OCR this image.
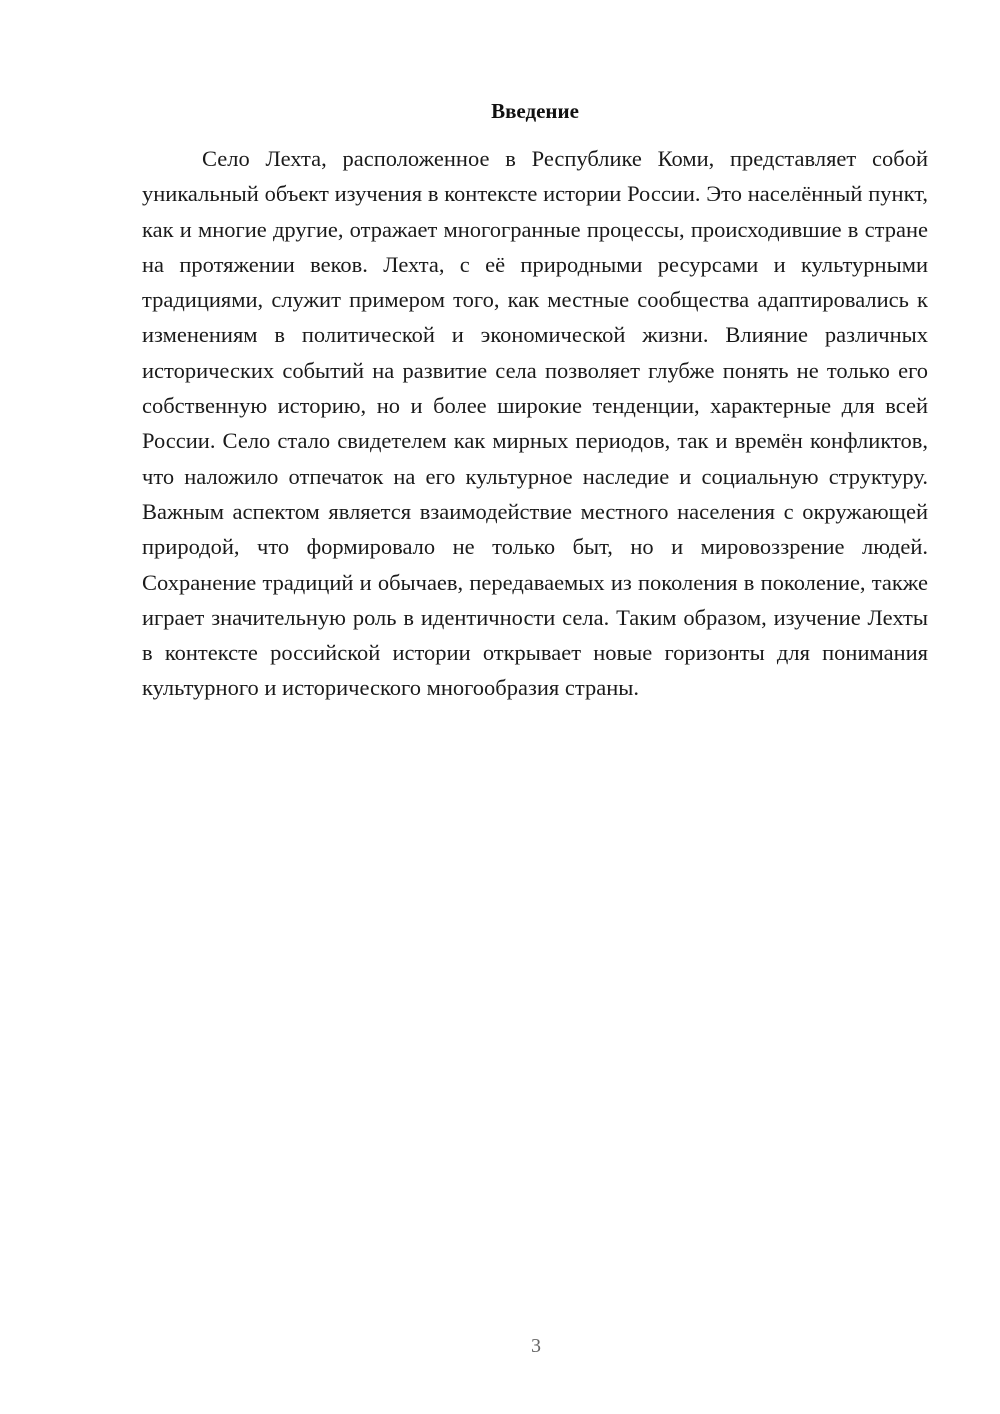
Введение

Село Лехта, расположенное в Республике Коми, представляет собой уникальный объект изучения в контексте истории России. Это населённый пункт, как и многие другие, отражает многогранные процессы, происходившие в стране на протяжении веков. Лехта, с её природными ресурсами и культурными традициями, служит примером того, как местные сообщества адаптировались к изменениям в политической и экономической жизни. Влияние различных исторических событий на развитие села позволяет глубже понять не только его собственную историю, но и более широкие тенденции, характерные для всей России. Село стало свидетелем как мирных периодов, так и времён конфликтов, что наложило отпечаток на его культурное наследие и социальную структуру. Важным аспектом является взаимодействие местного населения с окружающей природой, что формировало не только быт, но и мировоззрение людей. Сохранение традиций и обычаев, передаваемых из поколения в поколение, также играет значительную роль в идентичности села. Таким образом, изучение Лехты в контексте российской истории открывает новые горизонты для понимания культурного и исторического многообразия страны.

3
